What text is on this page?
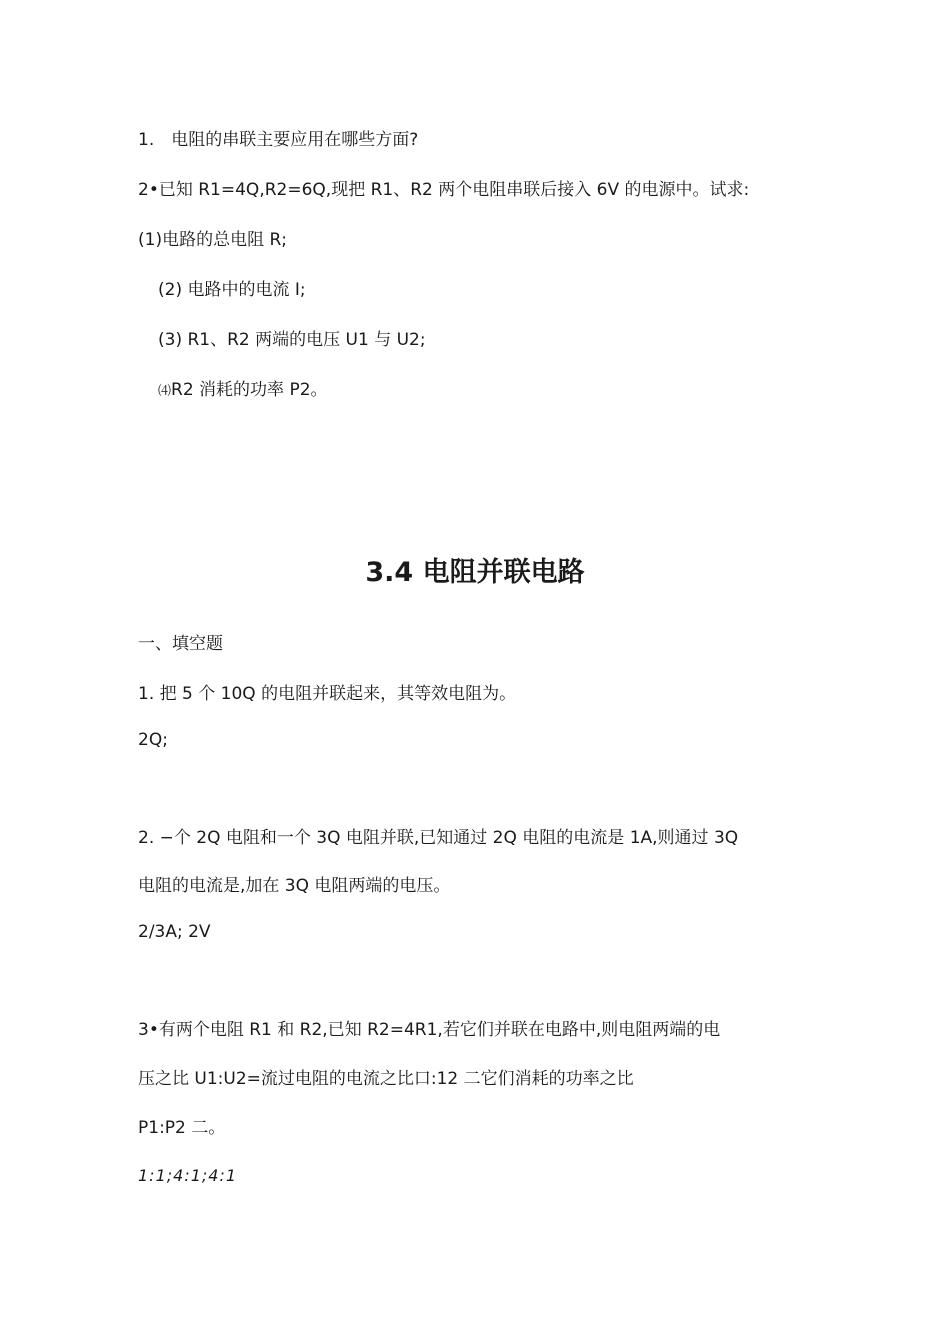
1.　电阻的串联主要应用在哪些方面?
2•已知 R1=4Q,R2=6Q,现把 R1、R2 两个电阻串联后接入 6V 的电源中。试求:
(1)电路的总电阻 R;
(2) 电路中的电流 I;
(3) R1、R2 两端的电压 U1 与 U2;
⑷R2 消耗的功率 P2。
3.4 电阻并联电路
一、填空题
1. 把 5 个 10Q 的电阻并联起来，其等效电阻为。
2Q;
2. −个 2Q 电阻和一个 3Q 电阻并联,已知通过 2Q 电阻的电流是 1A,则通过 3Q
电阻的电流是,加在 3Q 电阻两端的电压。
2/3A; 2V
3•有两个电阻 R1 和 R2,已知 R2=4R1,若它们并联在电路中,则电阻两端的电
压之比 U1:U2=流过电阻的电流之比口:12 二它们消耗的功率之比
P1:P2 二。
1:1;4:1;4:1
